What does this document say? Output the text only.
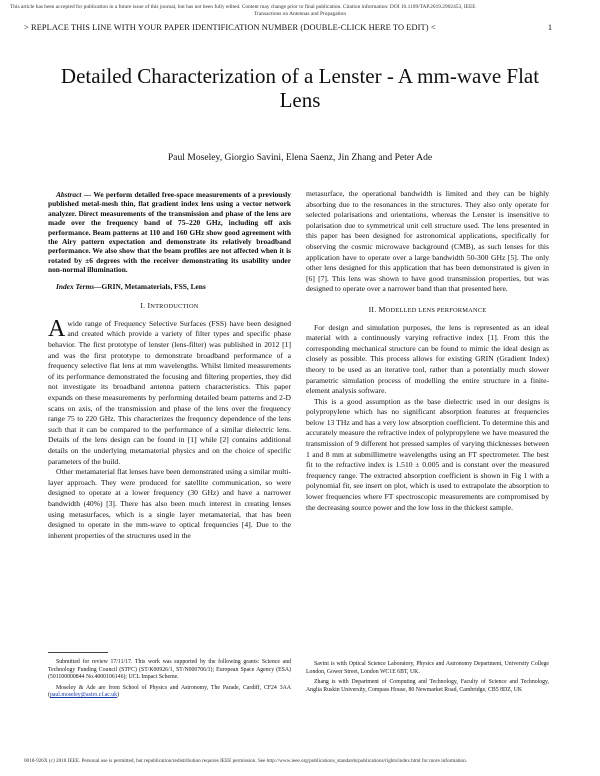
This article has been accepted for publication in a future issue of this journal, but has not been fully edited. Content may change prior to final publication. Citation information: DOI 10.1109/TAP.2019.2902453, IEEE
Transactions on Antennas and Propagation
> REPLACE THIS LINE WITH YOUR PAPER IDENTIFICATION NUMBER (DOUBLE-CLICK HERE TO EDIT) <	1
Detailed Characterization of a Lenster - A mm-wave Flat Lens
Paul Moseley, Giorgio Savini, Elena Saenz, Jin Zhang and Peter Ade

Abstract — We perform detailed free-space measurements of a previously published metal-mesh thin, flat gradient index lens using a vector network analyzer. Direct measurements of the transmission and phase of the lens are made over the frequency band of 75–220 GHz, including off axis performance. Beam patterns at 110 and 160 GHz show good agreement with the Airy pattern expectation and demonstrate its relatively broadband performance. We also show that the beam profiles are not affected when it is rotated by ±6 degrees with the receiver demonstrating its usability under non-normal illumination.

Index Terms—GRIN, Metamaterials, FSS, Lens

I. INTRODUCTION

Awide range of Frequency Selective Surfaces (FSS) have been designed and created which provide a variety of filter types and specific phase behavior. The first prototype of lenster (lens-filter) was published in 2012 [1] and was the first prototype to demonstrate broadband performance of a frequency selective flat lens at mm wavelengths. Whilst limited measurements of its performance demonstrated the focusing and filtering properties, they did not investigate its broadband antenna pattern characteristics. This paper expands on these measurements by performing detailed beam patterns and 2-D scans on axis, of the transmission and phase of the lens over the frequency range 75 to 220 GHz. This characterizes the frequency dependence of the lens such that it can be compared to the performance of a similar dielectric lens. Details of the lens design can be found in [1] while [2] contains additional details on the underlying metamaterial physics and on the choice of specific parameters of the build.

Other metamaterial flat lenses have been demonstrated using a similar multi-layer approach. They were produced for satellite communication, so were designed to operate at a lower frequency (30 GHz) and have a narrower bandwidth (40%) [3]. There has also been much interest in creating lenses using metasurfaces, which is a single layer metamaterial, that has been designed to operate in the mm-wave to optical frequencies [4]. Due to the inherent properties of the structures used in the

metasurface, the operational bandwidth is limited and they can be highly absorbing due to the resonances in the structures. They also only operate for selected polarisations and orientations, whereas the Lenster is insensitive to polarisation due to symmetrical unit cell structure used. The lens presented in this paper has been designed for astronomical applications, specifically for observing the cosmic microwave background (CMB), as such lenses for this application have to operate over a large bandwidth 50-300 GHz [5]. The only other lens designed for this application that has been demonstrated is given in [6] [7]. This lens was shown to have good transmission properties, but was designed to operate over a narrower band than that presented here.

II. MODELLED LENS PERFORMANCE

For design and simulation purposes, the lens is represented as an ideal material with a continuously varying refractive index [1]. From this the corresponding mechanical structure can be found to mimic the ideal design as closely as possible. This process allows for existing GRIN (Gradient Index) theory to be used as an iterative tool, rather than a potentially much slower parametric simulation process of modelling the entire structure in a finite-element analysis software.

This is a good assumption as the base dielectric used in our designs is polypropylene which has no significant absorption features at frequencies below 13 THz and has a very low absorption coefficient. To determine this and accurately measure the refractive index of polypropylene we have measured the transmission of 9 different hot pressed samples of varying thicknesses between 1 and 8 mm at submillimetre wavelengths using an FT spectrometer. The best fit to the refractive index is 1.510 ± 0.005 and is constant over the measured frequency range. The extracted absorption coefficient is shown in Fig 1 with a polynomial fit, see insert on plot, which is used to extrapolate the absorption to lower frequencies where FT spectroscopic measurements are compromised by the decreasing source power and the low loss in the thickest sample.

Submitted for review 17/11/17. This work was supported by the following grants: Science and Technology Funding Council (STFC) (ST/K00926/1, ST/N000706/1); European Space Agency (ESA) (501100000844 No.4000106146); UCL Impact Scheme.

Moseley & Ade are from School of Physics and Astronomy, The Parade, Cardiff, CF24 3AA (paul.moseley@astro.cf.ac.uk)

Savini is with Optical Science Laboratory, Physics and Astronomy Department, University College London, Gower Street, London WC1E 6BT, UK.

Zhang is with Department of Computing and Technology, Faculty of Science and Technology, Anglia Ruskin University, Compass House, 80 Newmarket Road, Cambridge, CB5 8DZ, UK

0018-926X (c) 2018 IEEE. Personal use is permitted, but republication/redistribution requires IEEE permission. See http://www.ieee.org/publications_standards/publications/rights/index.html for more information.
